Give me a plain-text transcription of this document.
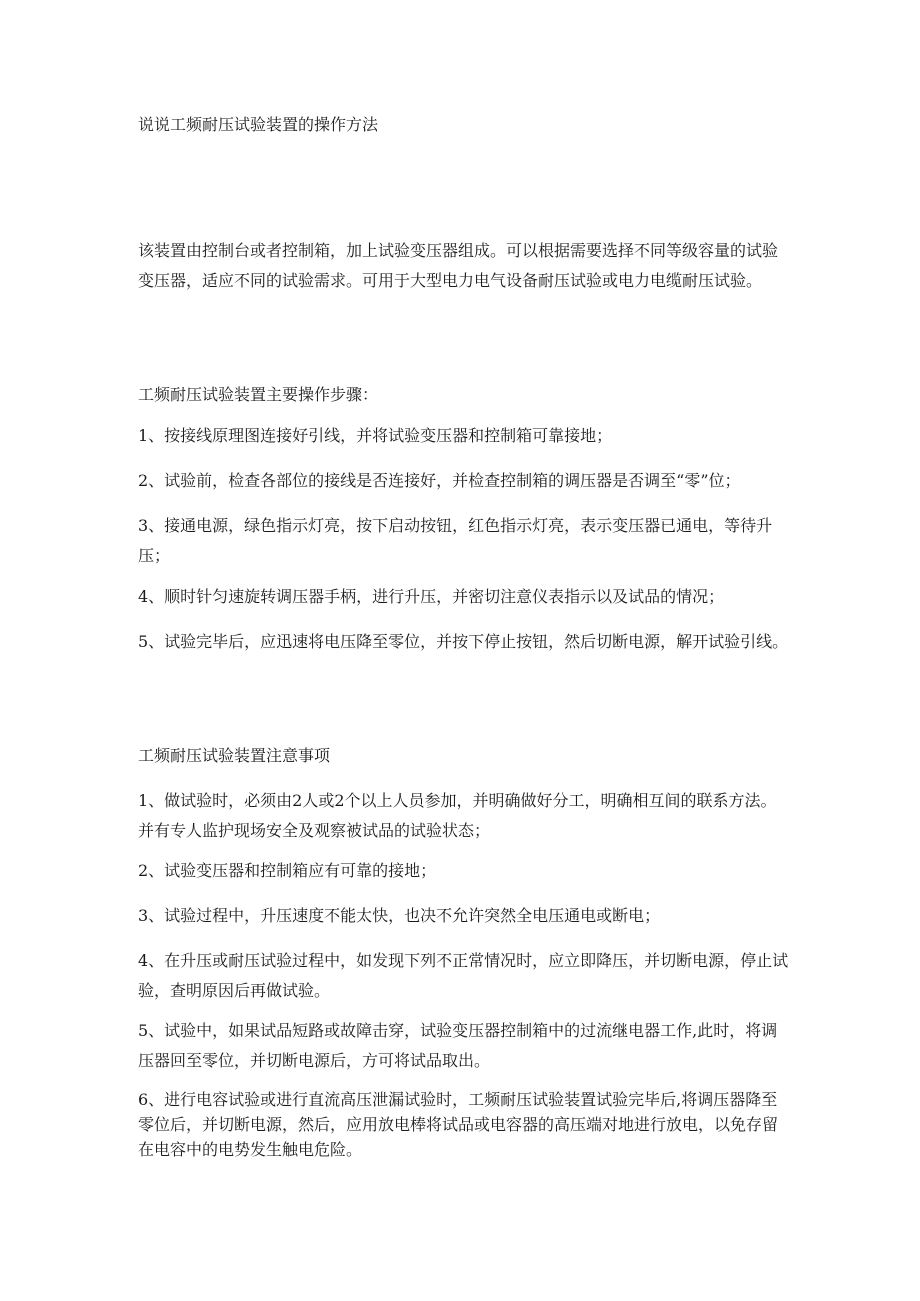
说说工频耐压试验装置的操作方法

该装置由控制台或者控制箱，加上试验变压器组成。可以根据需要选择不同等级容量的试验变压器，适应不同的试验需求。可用于大型电力电气设备耐压试验或电力电缆耐压试验。

工频耐压试验装置主要操作步骤：

1、按接线原理图连接好引线，并将试验变压器和控制箱可靠接地；

2、试验前，检查各部位的接线是否连接好，并检查控制箱的调压器是否调至“零”位；

3、接通电源，绿色指示灯亮，按下启动按钮，红色指示灯亮，表示变压器已通电，等待升压；

4、顺时针匀速旋转调压器手柄，进行升压，并密切注意仪表指示以及试品的情况；

5、试验完毕后，应迅速将电压降至零位，并按下停止按钮，然后切断电源，解开试验引线。

工频耐压试验装置注意事项

1、做试验时，必须由2人或2个以上人员参加，并明确做好分工，明确相互间的联系方法。并有专人监护现场安全及观察被试品的试验状态；

2、试验变压器和控制箱应有可靠的接地；

3、试验过程中，升压速度不能太快，也决不允许突然全电压通电或断电；

4、在升压或耐压试验过程中，如发现下列不正常情况时，应立即降压，并切断电源，停止试验，查明原因后再做试验。

5、试验中，如果试品短路或故障击穿，试验变压器控制箱中的过流继电器工作,此时，将调压器回至零位，并切断电源后，方可将试品取出。

6、进行电容试验或进行直流高压泄漏试验时，工频耐压试验装置试验完毕后,将调压器降至零位后，并切断电源，然后，应用放电棒将试品或电容器的高压端对地进行放电，以免存留在电容中的电势发生触电危险。
